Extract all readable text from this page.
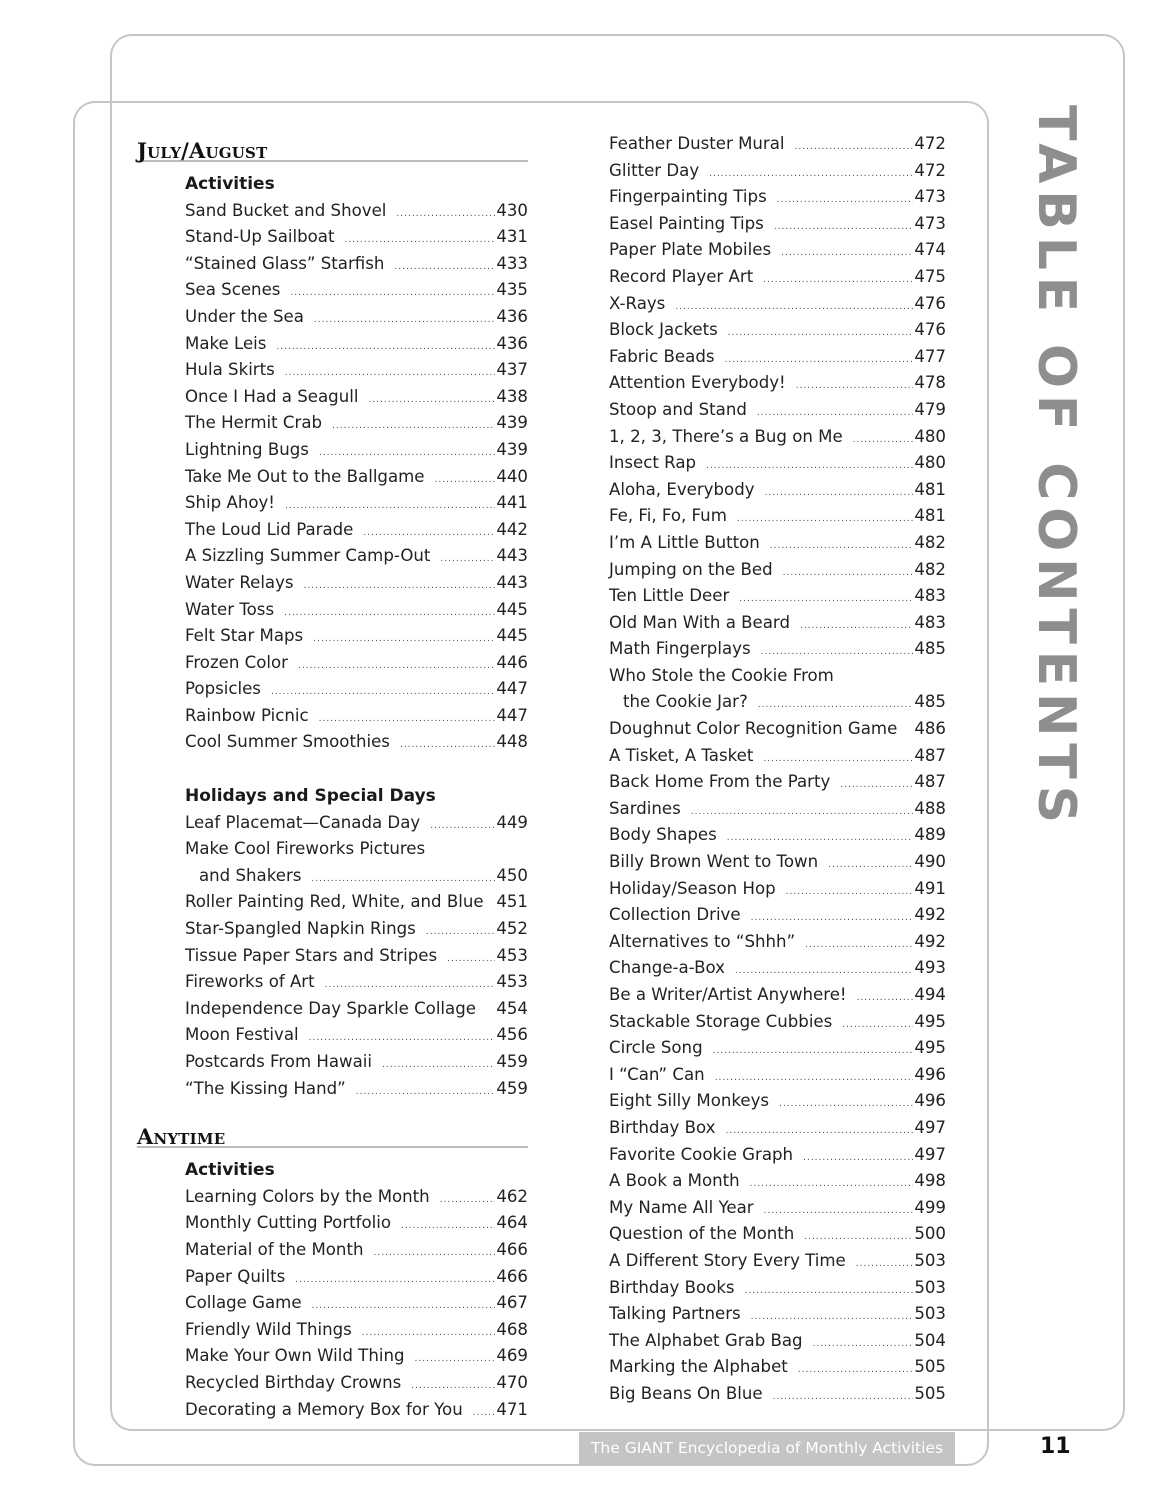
TABLE OF CONTENTS
July/August
Activities
Sand Bucket and Shovel .....	430
Stand-Up Sailboat .....	431
“Stained Glass” Starfish .....	433
Sea Scenes .....	435
Under the Sea .....	436
Make Leis .....	436
Hula Skirts .....	437
Once I Had a Seagull .....	438
The Hermit Crab .....	439
Lightning Bugs .....	439
Take Me Out to the Ballgame .....	440
Ship Ahoy! .....	441
The Loud Lid Parade .....	442
A Sizzling Summer Camp-Out .....	443
Water Relays .....	443
Water Toss .....	445
Felt Star Maps .....	445
Frozen Color .....	446
Popsicles .....	447
Rainbow Picnic .....	447
Cool Summer Smoothies .....	448
Holidays and Special Days
Leaf Placemat—Canada Day .....	449
Make Cool Fireworks Pictures
and Shakers .....	450
Roller Painting Red, White, and Blue 451
Star-Spangled Napkin Rings .....	452
Tissue Paper Stars and Stripes .....	453
Fireworks of Art .....	453
Independence Day Sparkle Collage 454
Moon Festival .....	456
Postcards From Hawaii .....	459
“The Kissing Hand” .....	459
Anytime
Activities
Learning Colors by the Month .....	462
Monthly Cutting Portfolio .....	464
Material of the Month .....	466
Paper Quilts .....	466
Collage Game .....	467
Friendly Wild Things .....	468
Make Your Own Wild Thing .....	469
Recycled Birthday Crowns .....	470
Decorating a Memory Box for You ..... 471
Feather Duster Mural .....	472
Glitter Day .....	472
Fingerpainting Tips .....	473
Easel Painting Tips .....	473
Paper Plate Mobiles .....	474
Record Player Art .....	475
X-Rays .....	476
Block Jackets .....	476
Fabric Beads .....	477
Attention Everybody! .....	478
Stoop and Stand .....	479
1, 2, 3, There’s a Bug on Me .....	480
Insect Rap .....	480
Aloha, Everybody .....	481
Fe, Fi, Fo, Fum .....	481
I’m A Little Button .....	482
Jumping on the Bed .....	482
Ten Little Deer .....	483
Old Man With a Beard .....	483
Math Fingerplays .....	485
Who Stole the Cookie From
the Cookie Jar? .....	485
Doughnut Color Recognition Game 486
A Tisket, A Tasket .....	487
Back Home From the Party .....	487
Sardines .....	488
Body Shapes .....	489
Billy Brown Went to Town .....	490
Holiday/Season Hop .....	491
Collection Drive .....	492
Alternatives to “Shhh” .....	492
Change-a-Box .....	493
Be a Writer/Artist Anywhere! .....	494
Stackable Storage Cubbies .....	495
Circle Song .....	495
I “Can” Can .....	496
Eight Silly Monkeys .....	496
Birthday Box .....	497
Favorite Cookie Graph .....	497
A Book a Month .....	498
My Name All Year .....	499
Question of the Month .....	500
A Different Story Every Time .....	503
Birthday Books .....	503
Talking Partners .....	503
The Alphabet Grab Bag .....	504
Marking the Alphabet .....	505
Big Beans On Blue .....	505
The GIANT Encyclopedia of Monthly Activities	11
